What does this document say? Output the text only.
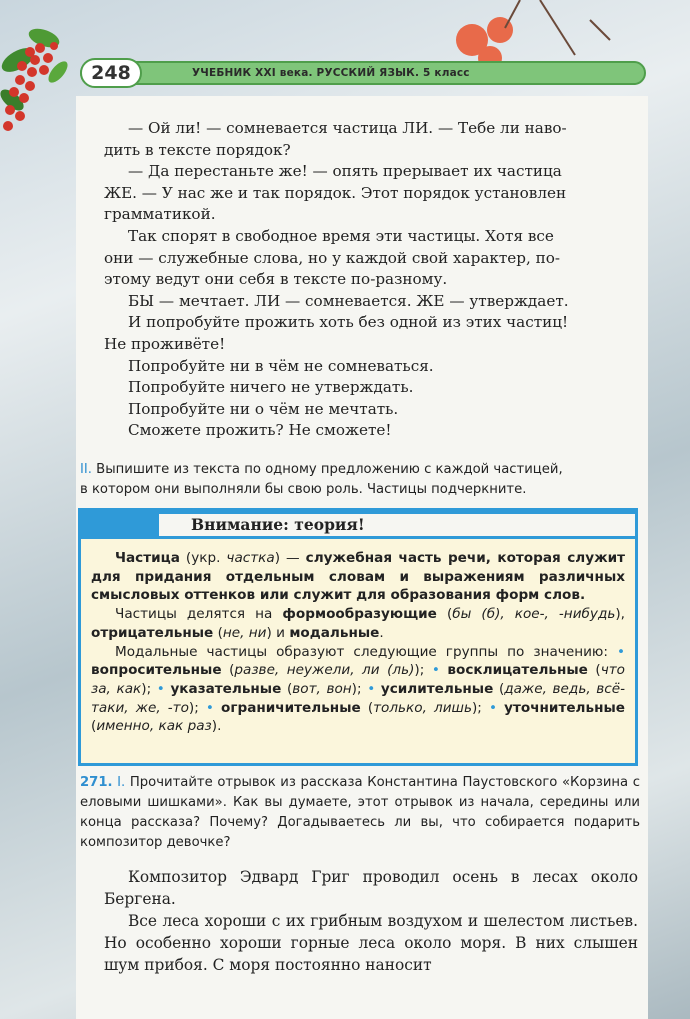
248	УЧЕБНИК XXI века. РУССКИЙ ЯЗЫК. 5 класс

— Ой ли! — сомневается частица ЛИ. — Тебе ли наво-

дить в тексте порядок?

— Да перестаньте же! — опять прерывает их частица

ЖЕ. — У нас же и так порядок. Этот порядок установлен

грамматикой.

Так спорят в свободное время эти частицы. Хотя все

они — служебные слова, но у каждой свой характер, по-

этому ведут они себя в тексте по-разному.

БЫ — мечтает. ЛИ — сомневается. ЖЕ — утверждает.

И попробуйте прожить хоть без одной из этих частиц!

Не проживёте!

Попробуйте ни в чём не сомневаться.

Попробуйте ничего не утверждать.

Попробуйте ни о чём не мечтать.

Сможете прожить? Не сможете!

II. Выпишите из текста по одному предложению с каждой частицей,
в котором они выполняли бы свою роль. Частицы подчеркните.
Внимание: теория!

Частица (укр. частка) — служебная часть речи, которая служит для придания отдельным словам и выражениям различных смысловых оттенков или служит для образования форм слов.

Частицы делятся на формообразующие (бы (б), кое-, -нибудь), отрицательные (не, ни) и модальные.

Модальные частицы образуют следующие группы по значению: • вопросительные (разве, неужели, ли (ль)); • восклицательные (что за, как); • указательные (вот, вон); • усилительные (даже, ведь, всё-таки, же, -то); • ограничительные (только, лишь); • уточнительные (именно, как раз).

271. I. Прочитайте отрывок из рассказа Константина Паустовского «Корзина с еловыми шишками». Как вы думаете, этот отрывок из начала, середины или конца рассказа? Почему? Догадываетесь ли вы, что собирается подарить композитор девочке?

Композитор Эдвард Григ проводил осень в лесах около Бергена.

Все леса хороши с их грибным воздухом и шелестом листьев. Но особенно хороши горные леса около моря. В них слышен шум прибоя. С моря постоянно наносит
